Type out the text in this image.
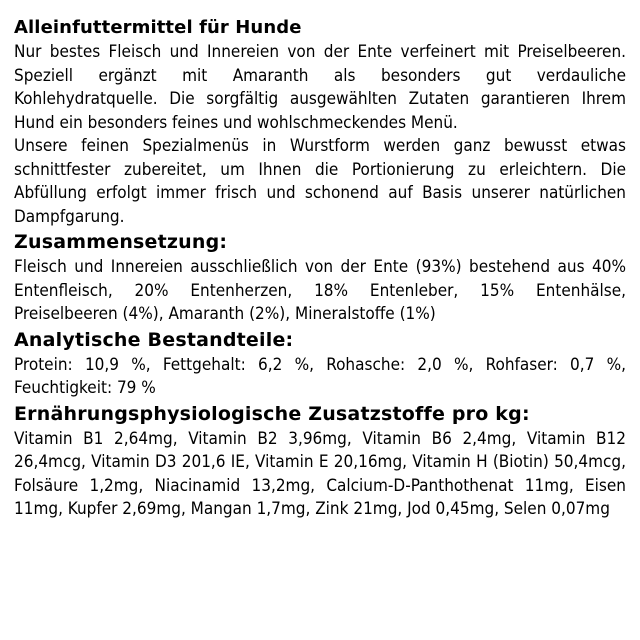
Alleinfuttermittel für Hunde

Nur bestes Fleisch und Innereien von der Ente verfeinert mit Preiselbeeren. Speziell ergänzt mit Amaranth als besonders gut verdauliche Kohlehydratquelle. Die sorgfältig ausgewählten Zutaten garantieren Ihrem Hund ein besonders feines und wohlschmeckendes Menü.

Unsere feinen Spezialmenüs in Wurstform werden ganz bewusst etwas schnittfester zubereitet, um Ihnen die Portionierung zu erleichtern. Die Abfüllung erfolgt immer frisch und schonend auf Basis unserer natürlichen Dampfgarung.

Zusammensetzung:

Fleisch und Innereien ausschließlich von der Ente (93%) bestehend aus 40% Entenfleisch, 20% Entenherzen, 18% Entenleber, 15% Entenhälse, Preiselbeeren (4%), Amaranth (2%), Mineralstoffe (1%)

Analytische Bestandteile:

Protein: 10,9 %, Fettgehalt: 6,2 %, Rohasche: 2,0 %, Rohfaser: 0,7 %, Feuchtigkeit: 79 %

Ernährungsphysiologische Zusatzstoffe pro kg:

Vitamin B1 2,64mg, Vitamin B2 3,96mg, Vitamin B6 2,4mg, Vitamin B12 26,4mcg, Vitamin D3 201,6 IE, Vitamin E 20,16mg, Vitamin H (Biotin) 50,4mcg, Folsäure 1,2mg, Niacinamid 13,2mg, Calcium-D-Panthothenat 11mg, Eisen 11mg, Kupfer 2,69mg, Mangan 1,7mg, Zink 21mg, Jod 0,45mg, Selen 0,07mg
